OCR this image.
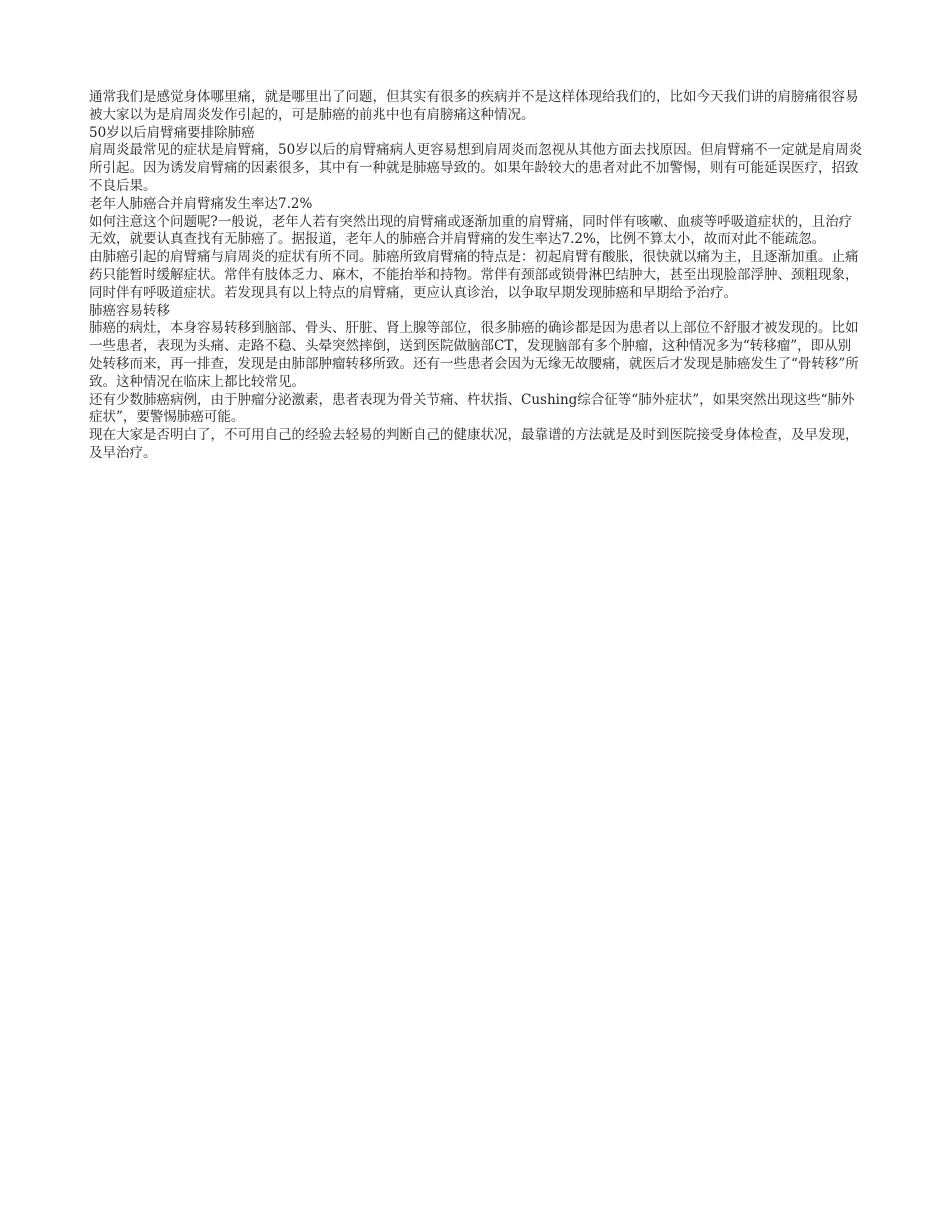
通常我们是感觉身体哪里痛，就是哪里出了问题，但其实有很多的疾病并不是这样体现给我们的，比如今天我们讲的肩膀痛很容易被大家以为是肩周炎发作引起的，可是肺癌的前兆中也有肩膀痛这种情况。

50岁以后肩臂痛要排除肺癌

肩周炎最常见的症状是肩臂痛，50岁以后的肩臂痛病人更容易想到肩周炎而忽视从其他方面去找原因。但肩臂痛不一定就是肩周炎所引起。因为诱发肩臂痛的因素很多，其中有一种就是肺癌导致的。如果年龄较大的患者对此不加警惕，则有可能延误医疗，招致不良后果。

老年人肺癌合并肩臂痛发生率达7.2%

如何注意这个问题呢?一般说，老年人若有突然出现的肩臂痛或逐渐加重的肩臂痛，同时伴有咳嗽、血痰等呼吸道症状的，且治疗无效，就要认真查找有无肺癌了。据报道，老年人的肺癌合并肩臂痛的发生率达7.2%，比例不算太小，故而对此不能疏忽。

由肺癌引起的肩臂痛与肩周炎的症状有所不同。肺癌所致肩臂痛的特点是：初起肩臂有酸胀，很快就以痛为主，且逐渐加重。止痛药只能暂时缓解症状。常伴有肢体乏力、麻木，不能抬举和持物。常伴有颈部或锁骨淋巴结肿大，甚至出现脸部浮肿、颈粗现象，同时伴有呼吸道症状。若发现具有以上特点的肩臂痛，更应认真诊治，以争取早期发现肺癌和早期给予治疗。

肺癌容易转移

肺癌的病灶，本身容易转移到脑部、骨头、肝脏、肾上腺等部位，很多肺癌的确诊都是因为患者以上部位不舒服才被发现的。比如一些患者，表现为头痛、走路不稳、头晕突然摔倒，送到医院做脑部CT，发现脑部有多个肿瘤，这种情况多为“转移瘤”，即从别处转移而来，再一排查，发现是由肺部肿瘤转移所致。还有一些患者会因为无缘无故腰痛，就医后才发现是肺癌发生了“骨转移”所致。这种情况在临床上都比较常见。

还有少数肺癌病例，由于肿瘤分泌激素，患者表现为骨关节痛、杵状指、Cushing综合征等“肺外症状”，如果突然出现这些“肺外症状”，要警惕肺癌可能。

现在大家是否明白了，不可用自己的经验去轻易的判断自己的健康状况，最靠谱的方法就是及时到医院接受身体检查，及早发现，及早治疗。
